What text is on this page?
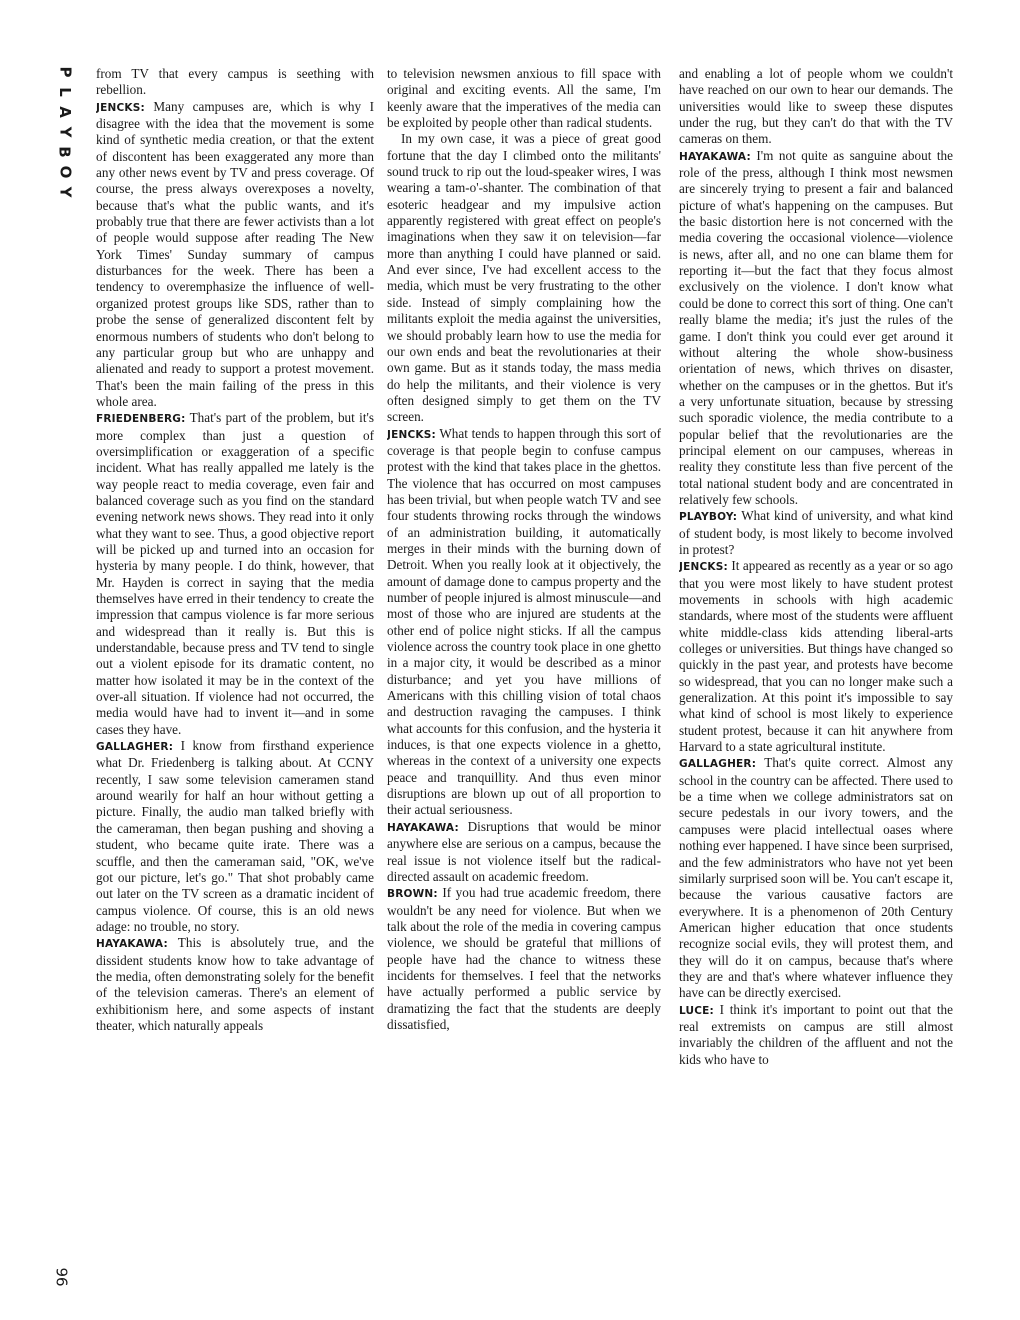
P
L
A
Y
B
O
Y
96

from TV that every campus is seething with rebellion.

JENCKS: Many campuses are, which is why I disagree with the idea that the movement is some kind of synthetic media creation, or that the extent of discontent has been exaggerated any more than any other news event by TV and press coverage. Of course, the press always overexposes a novelty, because that's what the public wants, and it's probably true that there are fewer activists than a lot of people would suppose after reading The New York Times' Sunday summary of campus disturbances for the week. There has been a tendency to overemphasize the influence of well-organized protest groups like SDS, rather than to probe the sense of generalized discontent felt by enormous numbers of students who don't belong to any particular group but who are unhappy and alienated and ready to support a protest movement. That's been the main failing of the press in this whole area.

FRIEDENBERG: That's part of the problem, but it's more complex than just a question of oversimplification or exaggeration of a specific incident. What has really appalled me lately is the way people react to media coverage, even fair and balanced coverage such as you find on the standard evening network news shows. They read into it only what they want to see. Thus, a good objective report will be picked up and turned into an occasion for hysteria by many people. I do think, however, that Mr. Hayden is correct in saying that the media themselves have erred in their tendency to create the impression that campus violence is far more serious and widespread than it really is. But this is understandable, because press and TV tend to single out a violent episode for its dramatic content, no matter how isolated it may be in the context of the over-all situation. If violence had not occurred, the media would have had to invent it—and in some cases they have.

GALLAGHER: I know from firsthand experience what Dr. Friedenberg is talking about. At CCNY recently, I saw some television cameramen stand around wearily for half an hour without getting a picture. Finally, the audio man talked briefly with the cameraman, then began pushing and shoving a student, who became quite irate. There was a scuffle, and then the cameraman said, "OK, we've got our picture, let's go." That shot probably came out later on the TV screen as a dramatic incident of campus violence. Of course, this is an old news adage: no trouble, no story.

HAYAKAWA: This is absolutely true, and the dissident students know how to take advantage of the media, often demonstrating solely for the benefit of the television cameras. There's an element of exhibitionism here, and some aspects of instant theater, which naturally appeals

to television newsmen anxious to fill space with original and exciting events. All the same, I'm keenly aware that the imperatives of the media can be exploited by people other than radical students.

In my own case, it was a piece of great good fortune that the day I climbed onto the militants' sound truck to rip out the loud-speaker wires, I was wearing a tam-o'-shanter. The combination of that esoteric headgear and my impulsive action apparently registered with great effect on people's imaginations when they saw it on television—far more than anything I could have planned or said. And ever since, I've had excellent access to the media, which must be very frustrating to the other side. Instead of simply complaining how the militants exploit the media against the universities, we should probably learn how to use the media for our own ends and beat the revolutionaries at their own game. But as it stands today, the mass media do help the militants, and their violence is very often designed simply to get them on the TV screen.

JENCKS: What tends to happen through this sort of coverage is that people begin to confuse campus protest with the kind that takes place in the ghettos. The violence that has occurred on most campuses has been trivial, but when people watch TV and see four students throwing rocks through the windows of an administration building, it automatically merges in their minds with the burning down of Detroit. When you really look at it objectively, the amount of damage done to campus property and the number of people injured is almost minuscule—and most of those who are injured are students at the other end of police night sticks. If all the campus violence across the country took place in one ghetto in a major city, it would be described as a minor disturbance; and yet you have millions of Americans with this chilling vision of total chaos and destruction ravaging the campuses. I think what accounts for this confusion, and the hysteria it induces, is that one expects violence in a ghetto, whereas in the context of a university one expects peace and tranquillity. And thus even minor disruptions are blown up out of all proportion to their actual seriousness.

HAYAKAWA: Disruptions that would be minor anywhere else are serious on a campus, because the real issue is not violence itself but the radical-directed assault on academic freedom.

BROWN: If you had true academic freedom, there wouldn't be any need for violence. But when we talk about the role of the media in covering campus violence, we should be grateful that millions of people have had the chance to witness these incidents for themselves. I feel that the networks have actually performed a public service by dramatizing the fact that the students are deeply dissatisfied,

and enabling a lot of people whom we couldn't have reached on our own to hear our demands. The universities would like to sweep these disputes under the rug, but they can't do that with the TV cameras on them.

HAYAKAWA: I'm not quite as sanguine about the role of the press, although I think most newsmen are sincerely trying to present a fair and balanced picture of what's happening on the campuses. But the basic distortion here is not concerned with the media covering the occasional violence—violence is news, after all, and no one can blame them for reporting it—but the fact that they focus almost exclusively on the violence. I don't know what could be done to correct this sort of thing. One can't really blame the media; it's just the rules of the game. I don't think you could ever get around it without altering the whole show-business orientation of news, which thrives on disaster, whether on the campuses or in the ghettos. But it's a very unfortunate situation, because by stressing such sporadic violence, the media contribute to a popular belief that the revolutionaries are the principal element on our campuses, whereas in reality they constitute less than five percent of the total national student body and are concentrated in relatively few schools.

PLAYBOY: What kind of university, and what kind of student body, is most likely to become involved in protest?

JENCKS: It appeared as recently as a year or so ago that you were most likely to have student protest movements in schools with high academic standards, where most of the students were affluent white middle-class kids attending liberal-arts colleges or universities. But things have changed so quickly in the past year, and protests have become so widespread, that you can no longer make such a generalization. At this point it's impossible to say what kind of school is most likely to experience student protest, because it can hit anywhere from Harvard to a state agricultural institute.

GALLAGHER: That's quite correct. Almost any school in the country can be affected. There used to be a time when we college administrators sat on secure pedestals in our ivory towers, and the campuses were placid intellectual oases where nothing ever happened. I have since been surprised, and the few administrators who have not yet been similarly surprised soon will be. You can't escape it, because the various causative factors are everywhere. It is a phenomenon of 20th Century American higher education that once students recognize social evils, they will protest them, and they will do it on campus, because that's where they are and that's where whatever influence they have can be directly exercised.

LUCE: I think it's important to point out that the real extremists on campus are still almost invariably the children of the affluent and not the kids who have to
